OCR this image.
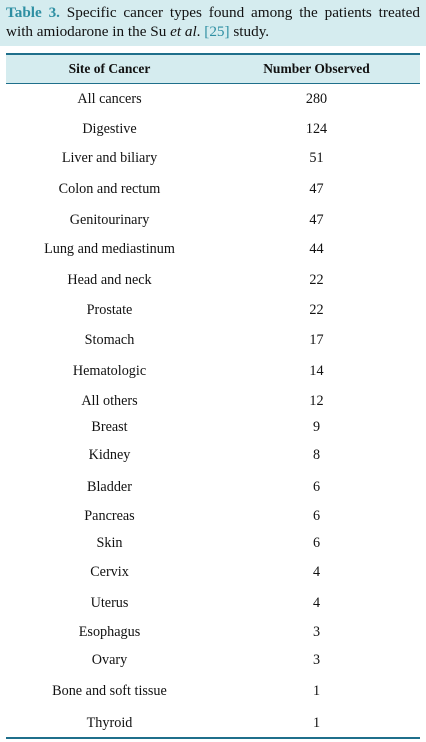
Table 3. Specific cancer types found among the patients treated with amiodarone in the Su et al. [25] study.
Site of Cancer	Number Observed
All cancers	280
Digestive	124
Liver and biliary	51
Colon and rectum	47
Genitourinary	47
Lung and mediastinum	44
Head and neck	22
Prostate	22
Stomach	17
Hematologic	14
All others	12
Breast	9
Kidney	8
Bladder	6
Pancreas	6
Skin	6
Cervix	4
Uterus	4
Esophagus	3
Ovary	3
Bone and soft tissue	1
Thyroid	1
